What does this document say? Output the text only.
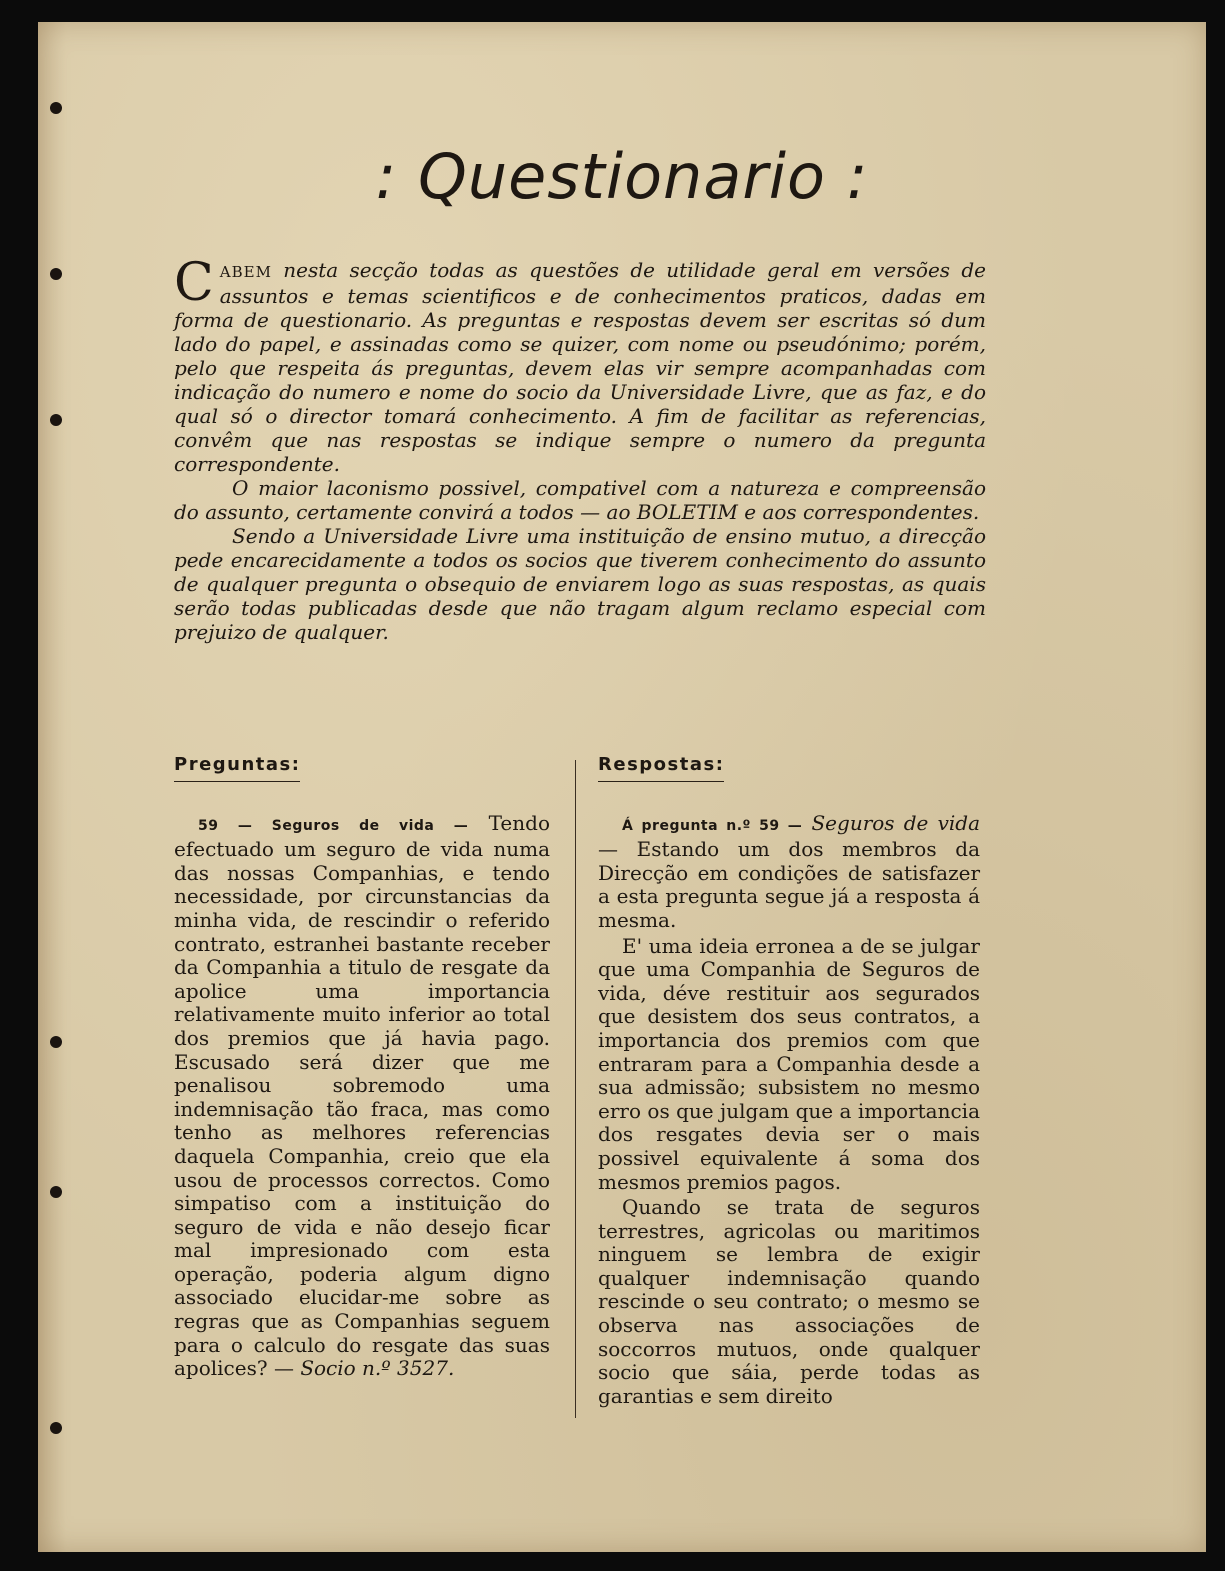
: Questionario :

CABEM nesta secção todas as questões de utilidade geral em versões de assuntos e temas scientificos e de conhecimentos praticos, dadas em forma de questionario. As preguntas e respostas devem ser escritas só dum lado do papel, e assinadas como se quizer, com nome ou pseudónimo; porém, pelo que respeita ás preguntas, devem elas vir sempre acompanhadas com indicação do numero e nome do socio da Universidade Livre, que as faz, e do qual só o director tomará conhecimento. A fim de facilitar as referencias, convêm que nas respostas se indique sempre o numero da pregunta correspondente.

O maior laconismo possivel, compativel com a natureza e compreensão do assunto, certamente convirá a todos — ao BOLETIM e aos correspondentes.

Sendo a Universidade Livre uma instituição de ensino mutuo, a direcção pede encarecidamente a todos os socios que tiverem conhecimento do assunto de qualquer pregunta o obsequio de enviarem logo as suas respostas, as quais serão todas publicadas desde que não tragam algum reclamo especial com prejuizo de qualquer.

Preguntas:

59 — Seguros de vida — Tendo efectuado um seguro de vida numa das nossas Companhias, e tendo necessidade, por circunstancias da minha vida, de rescindir o referido contrato, estranhei bastante receber da Companhia a titulo de resgate da apolice uma importancia relativamente muito inferior ao total dos premios que já havia pago. Escusado será dizer que me penalisou sobremodo uma indemnisação tão fraca, mas como tenho as melhores referencias daquela Companhia, creio que ela usou de processos correctos. Como simpatiso com a instituição do seguro de vida e não desejo ficar mal impresionado com esta operação, poderia algum digno associado elucidar-me sobre as regras que as Companhias seguem para o calculo do resgate das suas apolices? — Socio n.º 3527.

Respostas:

Á pregunta n.º 59 — Seguros de vida — Estando um dos membros da Direcção em condições de satisfazer a esta pregunta segue já a resposta á mesma.

E' uma ideia erronea a de se julgar que uma Companhia de Seguros de vida, déve restituir aos segurados que desistem dos seus contratos, a importancia dos premios com que entraram para a Companhia desde a sua admissão; subsistem no mesmo erro os que julgam que a importancia dos resgates devia ser o mais possivel equivalente á soma dos mesmos premios pagos.

Quando se trata de seguros terrestres, agricolas ou maritimos ninguem se lembra de exigir qualquer indemnisação quando rescinde o seu contrato; o mesmo se observa nas associações de soccorros mutuos, onde qualquer socio que sáia, perde todas as garantias e sem direito
